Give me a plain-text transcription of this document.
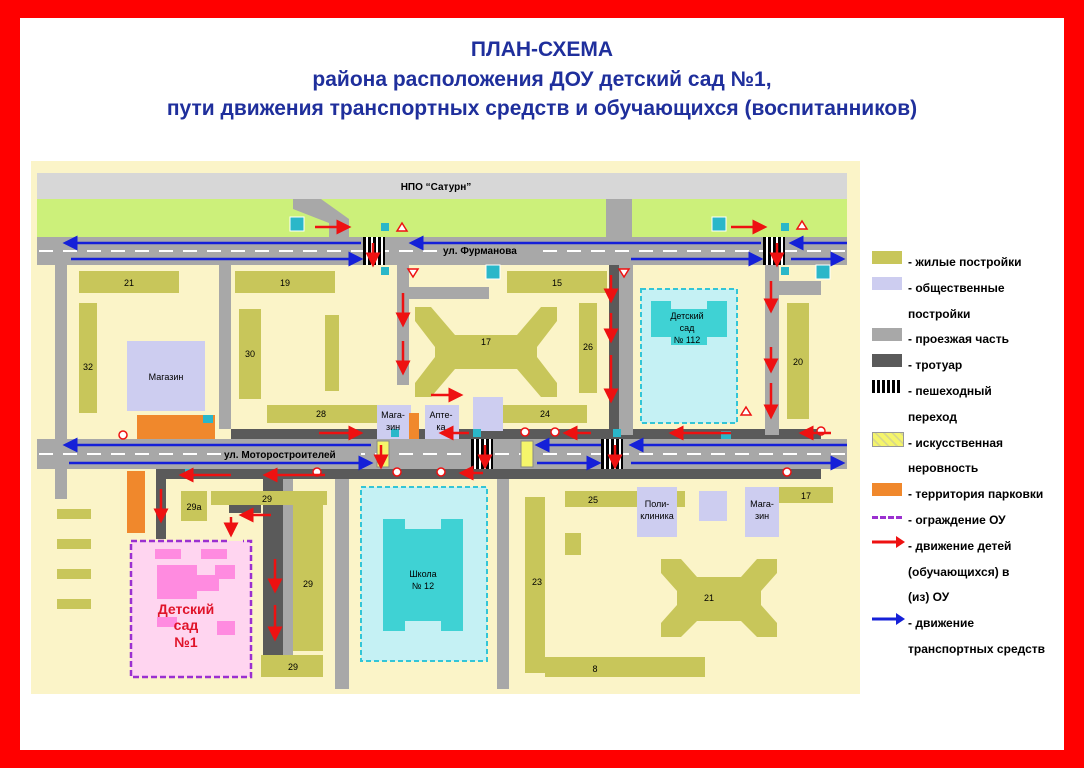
ПЛАН-СХЕМА
района расположения ДОУ детский сад №1,
пути движения транспортных средств и обучающихся (воспитанников)
НПО “Сатурн”
ул. Фурманова
ул. Моторостроителей
21	19	15
32
30
17	26
20
28	24
29а
29
29
29
25	17
23
21
8
Магазин
Детский
сад
№ 112
Мага-
зин
Апте-
ка
Школа
№ 12
Поли-
клиника
Мага-
зин
Детский
сад
№1
- жилые постройки
- общественные
постройки
- проезжая часть
- тротуар
- пешеходный
переход
- искусственная
неровность
- территория парковки
- ограждение ОУ
- движение детей
(обучающихся) в
(из) ОУ
- движение
транспортных средств
